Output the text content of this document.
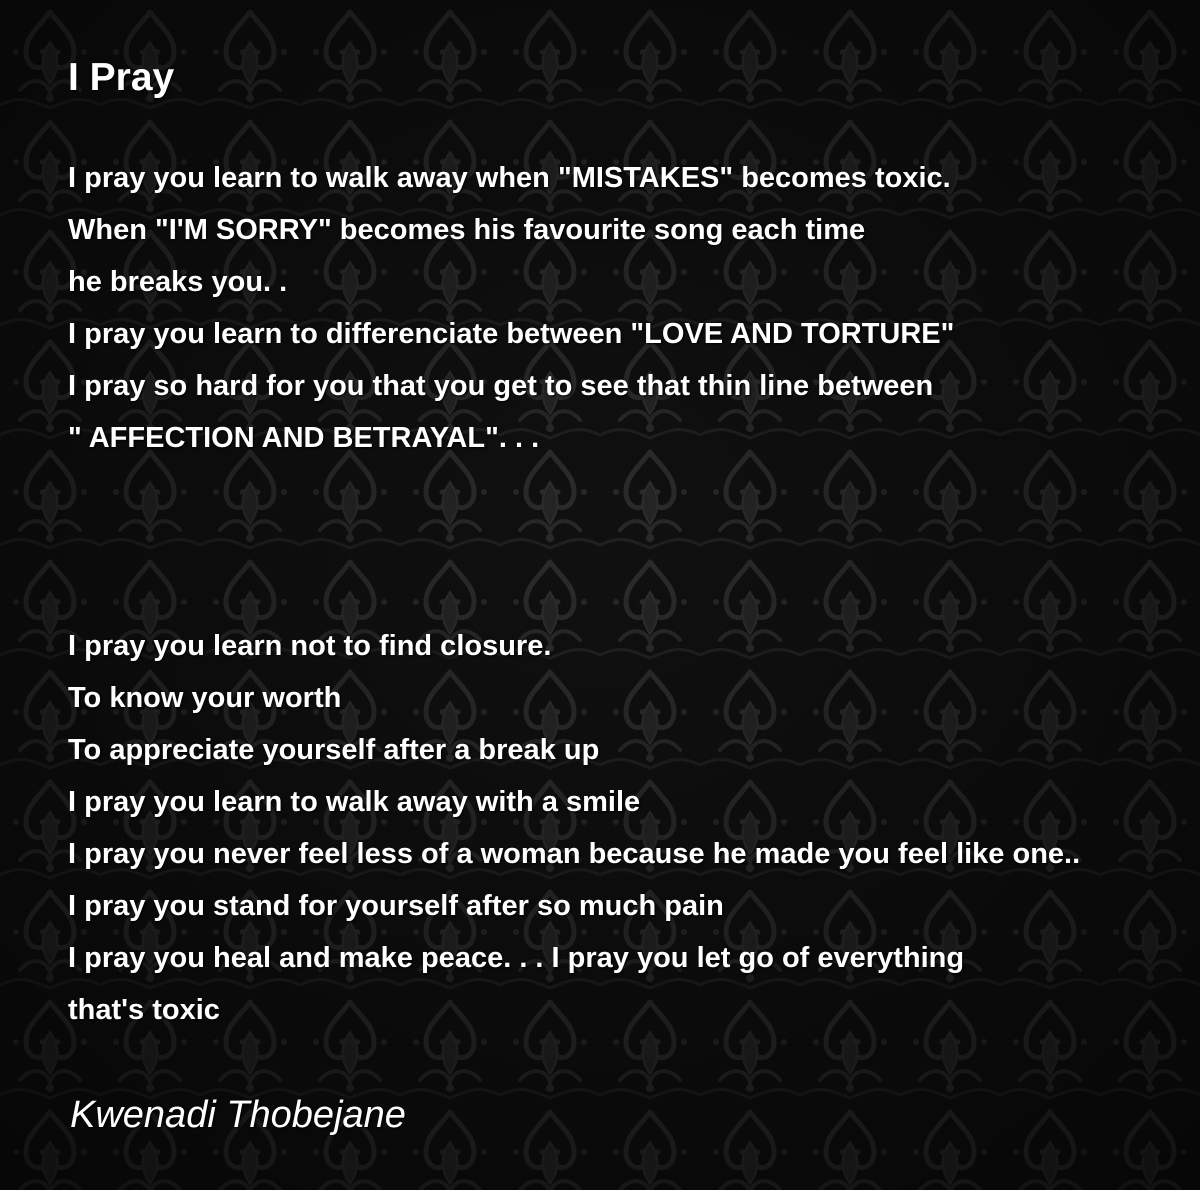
I Pray
I pray you learn to walk away when "MISTAKES" becomes toxic.
When "I'M SORRY" becomes his favourite song each time
he breaks you. .
I pray you learn to differenciate between "LOVE AND TORTURE"
I pray so hard for you that you get to see that thin line between
" AFFECTION AND BETRAYAL". . .
I pray you learn not to find closure.
To know your worth
To appreciate yourself after a break up
I pray you learn to walk away with a smile
I pray you never feel less of a woman because he made you feel like one..
I pray you stand for yourself after so much pain
I pray you heal and make peace. . . I pray you let go of everything
that's toxic

Kwenadi Thobejane
